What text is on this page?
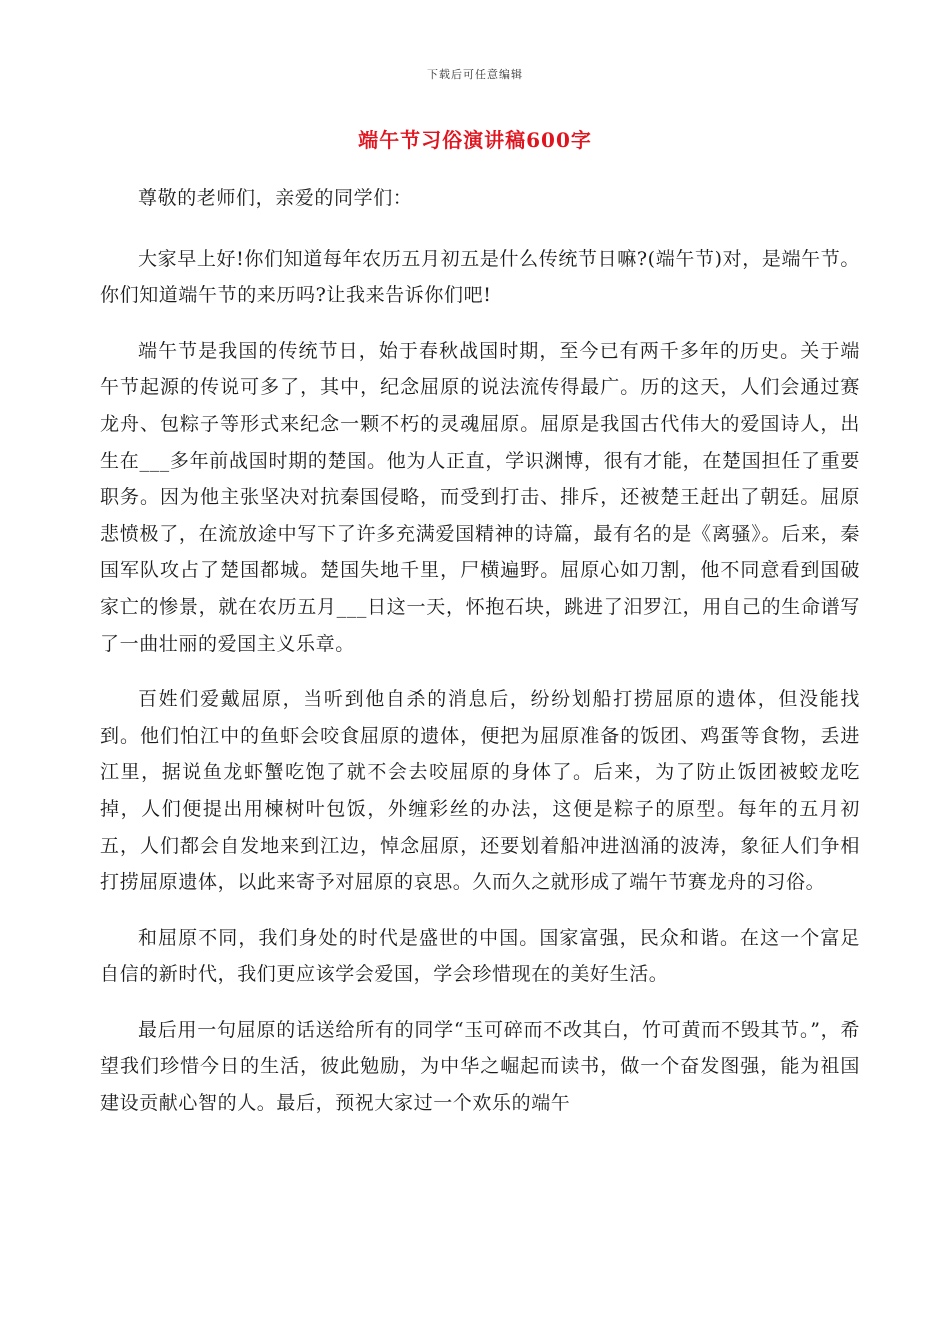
下载后可任意编辑
端午节习俗演讲稿600字

尊敬的老师们，亲爱的同学们：

大家早上好!你们知道每年农历五月初五是什么传统节日嘛?(端午节)对，是端午节。你们知道端午节的来历吗?让我来告诉你们吧!

端午节是我国的传统节日，始于春秋战国时期，至今已有两千多年的历史。关于端午节起源的传说可多了，其中，纪念屈原的说法流传得最广。历的这天，人们会通过赛龙舟、包粽子等形式来纪念一颗不朽的灵魂屈原。屈原是我国古代伟大的爱国诗人，出生在___多年前战国时期的楚国。他为人正直，学识渊博，很有才能，在楚国担任了重要职务。因为他主张坚决对抗秦国侵略，而受到打击、排斥，还被楚王赶出了朝廷。屈原悲愤极了，在流放途中写下了许多充满爱国精神的诗篇，最有名的是《离骚》。后来，秦国军队攻占了楚国都城。楚国失地千里，尸横遍野。屈原心如刀割，他不同意看到国破家亡的惨景，就在农历五月___日这一天，怀抱石块，跳进了汨罗江，用自己的生命谱写了一曲壮丽的爱国主义乐章。

百姓们爱戴屈原，当听到他自杀的消息后，纷纷划船打捞屈原的遗体，但没能找到。他们怕江中的鱼虾会咬食屈原的遗体，便把为屈原准备的饭团、鸡蛋等食物，丢进江里，据说鱼龙虾蟹吃饱了就不会去咬屈原的身体了。后来，为了防止饭团被蛟龙吃掉，人们便提出用楝树叶包饭，外缠彩丝的办法，这便是粽子的原型。每年的五月初五，人们都会自发地来到江边，悼念屈原，还要划着船冲进汹涌的波涛，象征人们争相打捞屈原遗体，以此来寄予对屈原的哀思。久而久之就形成了端午节赛龙舟的习俗。

和屈原不同，我们身处的时代是盛世的中国。国家富强，民众和谐。在这一个富足自信的新时代，我们更应该学会爱国，学会珍惜现在的美好生活。

最后用一句屈原的话送给所有的同学“玉可碎而不改其白，竹可黄而不毁其节。”，希望我们珍惜今日的生活，彼此勉励，为中华之崛起而读书，做一个奋发图强，能为祖国建设贡献心智的人。最后，预祝大家过一个欢乐的端午
